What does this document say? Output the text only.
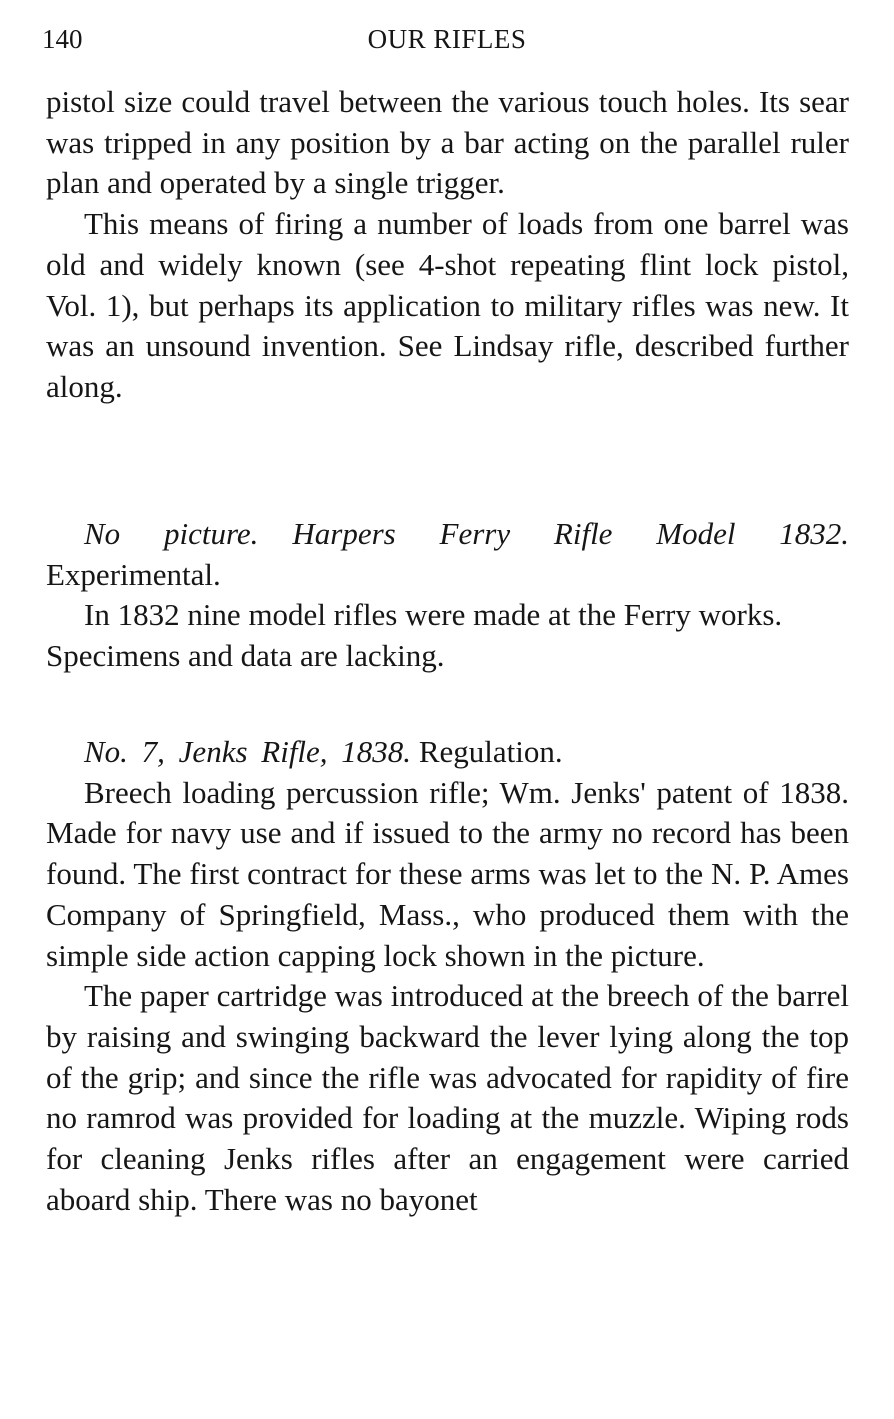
140	OUR RIFLES

pistol size could travel between the various touch holes. Its sear was tripped in any position by a bar acting on the parallel ruler plan and operated by a single trigger.

This means of firing a number of loads from one barrel was old and widely known (see 4-shot repeating flint lock pistol, Vol. 1), but perhaps its application to military rifles was new. It was an unsound invention. See Lindsay rifle, described further along.

No picture. Harpers Ferry Rifle Model 1832. Experimental.

In 1832 nine model rifles were made at the Ferry works. Specimens and data are lacking.

No. 7, Jenks Rifle, 1838. Regulation.

Breech loading percussion rifle; Wm. Jenks' patent of 1838. Made for navy use and if issued to the army no record has been found. The first contract for these arms was let to the N. P. Ames Company of Springfield, Mass., who produced them with the simple side action capping lock shown in the picture.

The paper cartridge was introduced at the breech of the barrel by raising and swinging backward the lever lying along the top of the grip; and since the rifle was advocated for rapidity of fire no ramrod was provided for loading at the muzzle. Wiping rods for cleaning Jenks rifles after an engagement were carried aboard ship. There was no bayonet
